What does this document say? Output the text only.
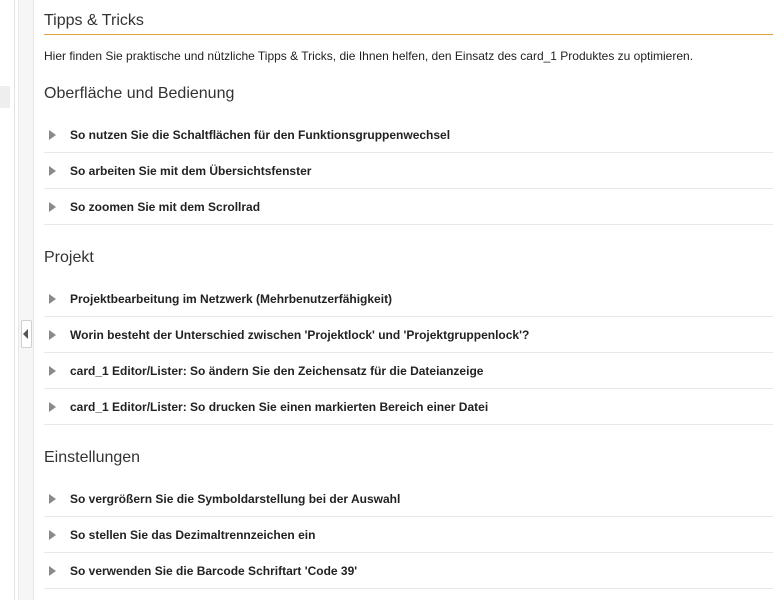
Tipps & Tricks

Hier finden Sie praktische und nützliche Tipps & Tricks, die Ihnen helfen, den Einsatz des card_1 Produktes zu optimieren.

Oberfläche und Bedienung
So nutzen Sie die Schaltflächen für den Funktionsgruppenwechsel
So arbeiten Sie mit dem Übersichtsfenster
So zoomen Sie mit dem Scrollrad
Projekt
Projektbearbeitung im Netzwerk (Mehrbenutzerfähigkeit)
Worin besteht der Unterschied zwischen 'Projektlock' und 'Projektgruppenlock'?
card_1 Editor/Lister: So ändern Sie den Zeichensatz für die Dateianzeige
card_1 Editor/Lister: So drucken Sie einen markierten Bereich einer Datei
Einstellungen
So vergrößern Sie die Symboldarstellung bei der Auswahl
So stellen Sie das Dezimaltrennzeichen ein
So verwenden Sie die Barcode Schriftart 'Code 39'
